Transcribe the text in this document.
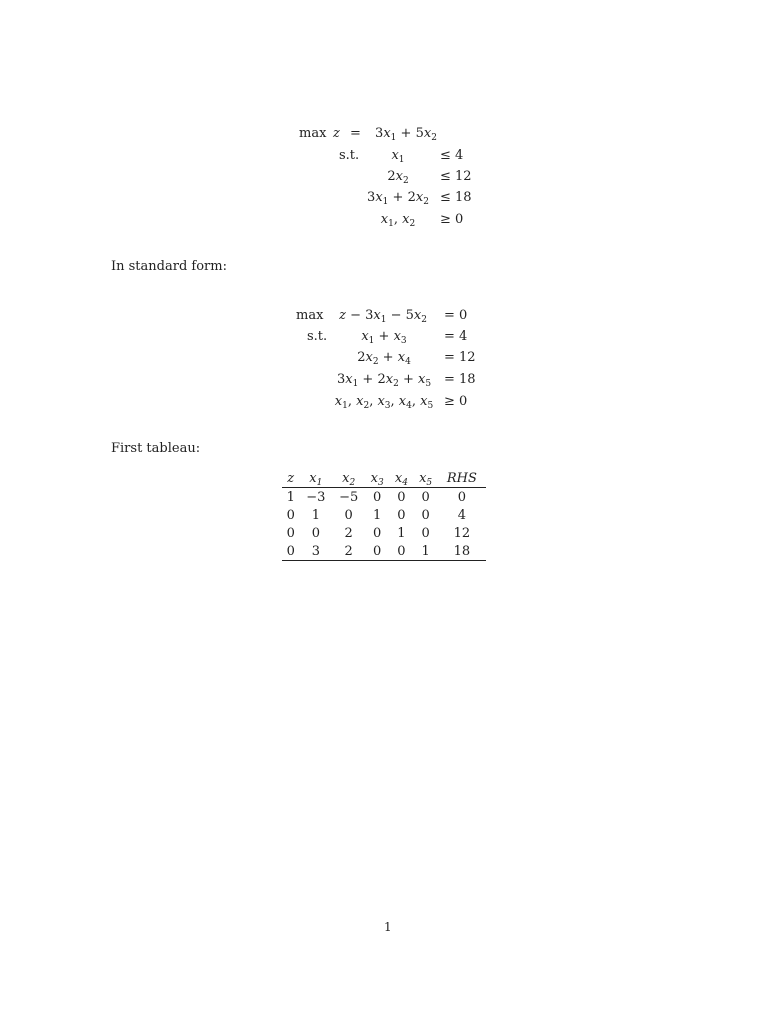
$\max z = 3x_1 + 5x_2$
s.t. $x_1$	≤ 4
$2x_2 \le 12$
$3x_1 + 2x_2 \le 18$
$x_1$, $x_2 \ge 0$
In standard form:
$\max z - 3x_1 - 5x_2 = 0$
s.t.	$x_1 + x_3$	= 4
$2x_2 + x_4$	= 12
$3x_1 + 2x_2 + x_5 = 18$
$x_1$, $x_2$, $x_3$, $x_4$, $x_5 \ge 0$
First tableau:
z	$x_1$	$x_2$	$x_3$	$x_4$	$x_5$	RHS
1	−3	−5	0	0	0	0
0	1	0	1	0	0	4
0	0	2	0	1	0	12
0	3	2	0	0	1	18
1
